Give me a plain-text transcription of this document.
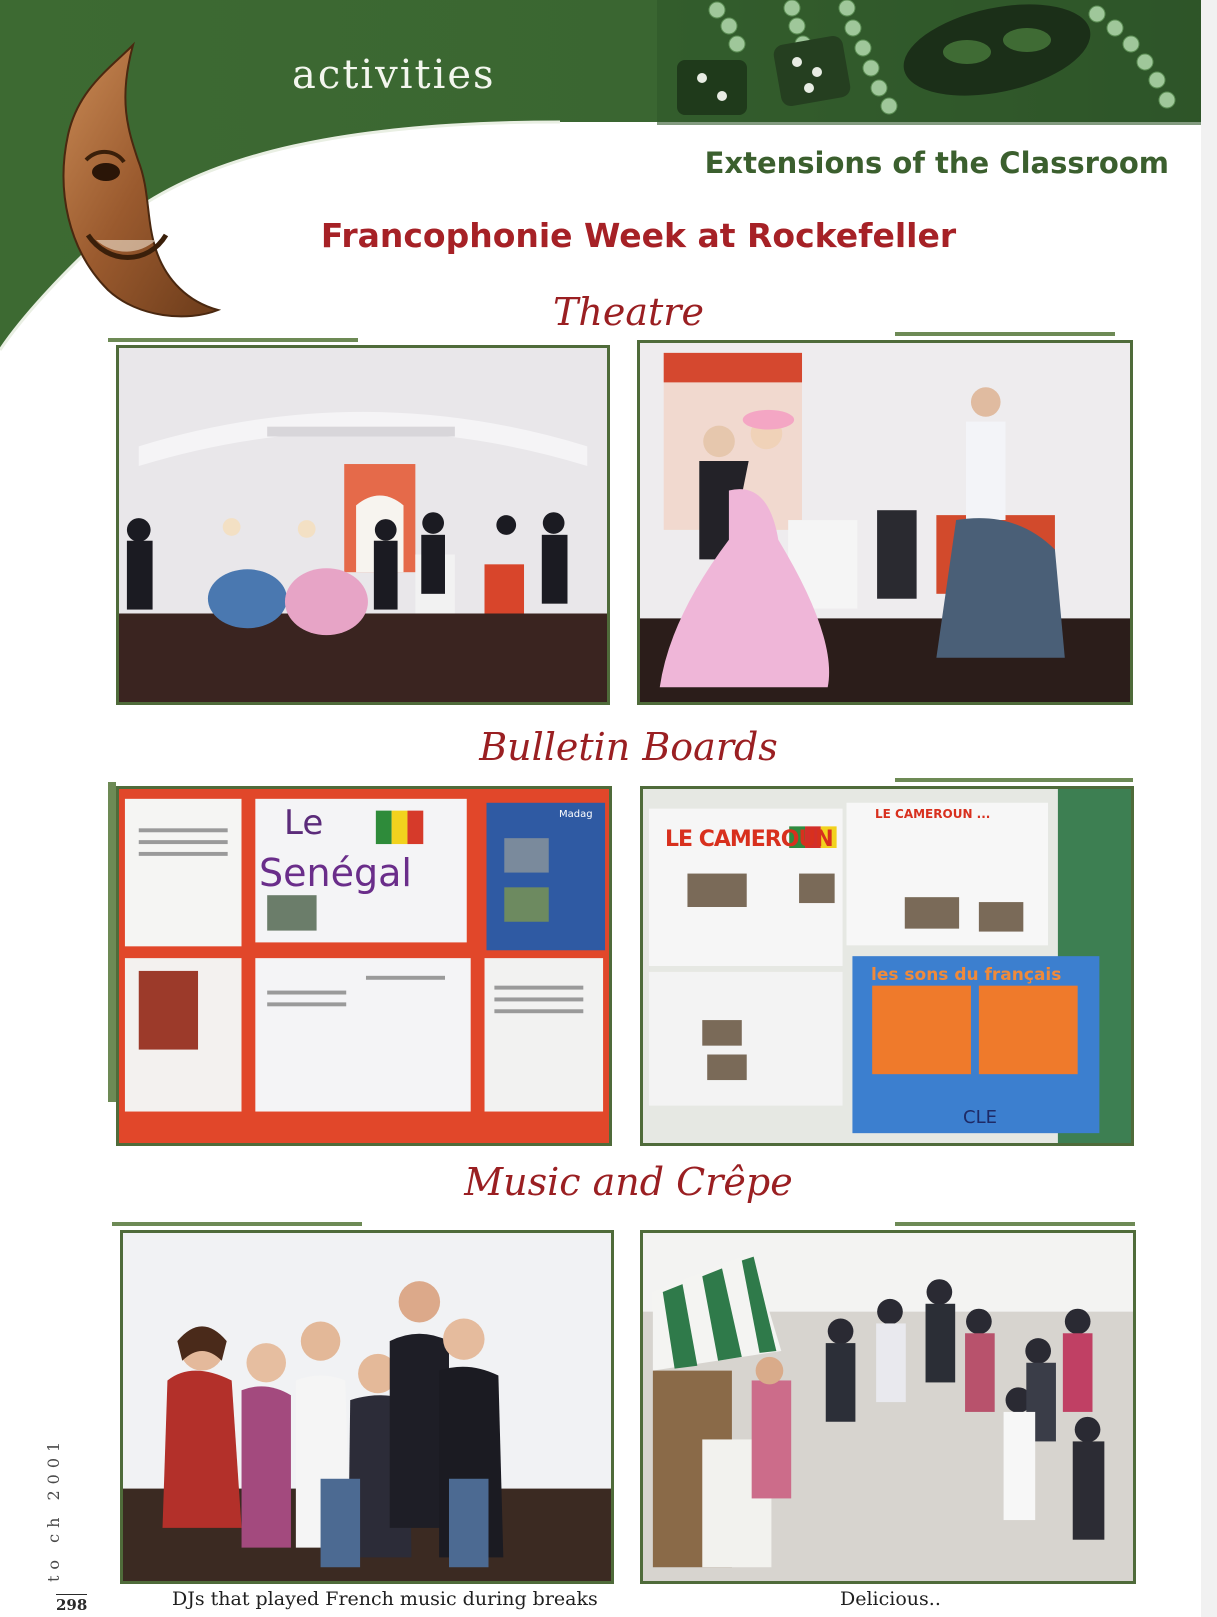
activities
Extensions of the Classroom
Francophonie Week at Rockefeller
Theatre
Bulletin Boards
Le
Senégal
Madag
LE CAMEROUN
LE CAMEROUN ...
les sons du français
CLE
Music and Crêpe
DJs that played French music during breaks	Delicious..
to ch 2001
298
